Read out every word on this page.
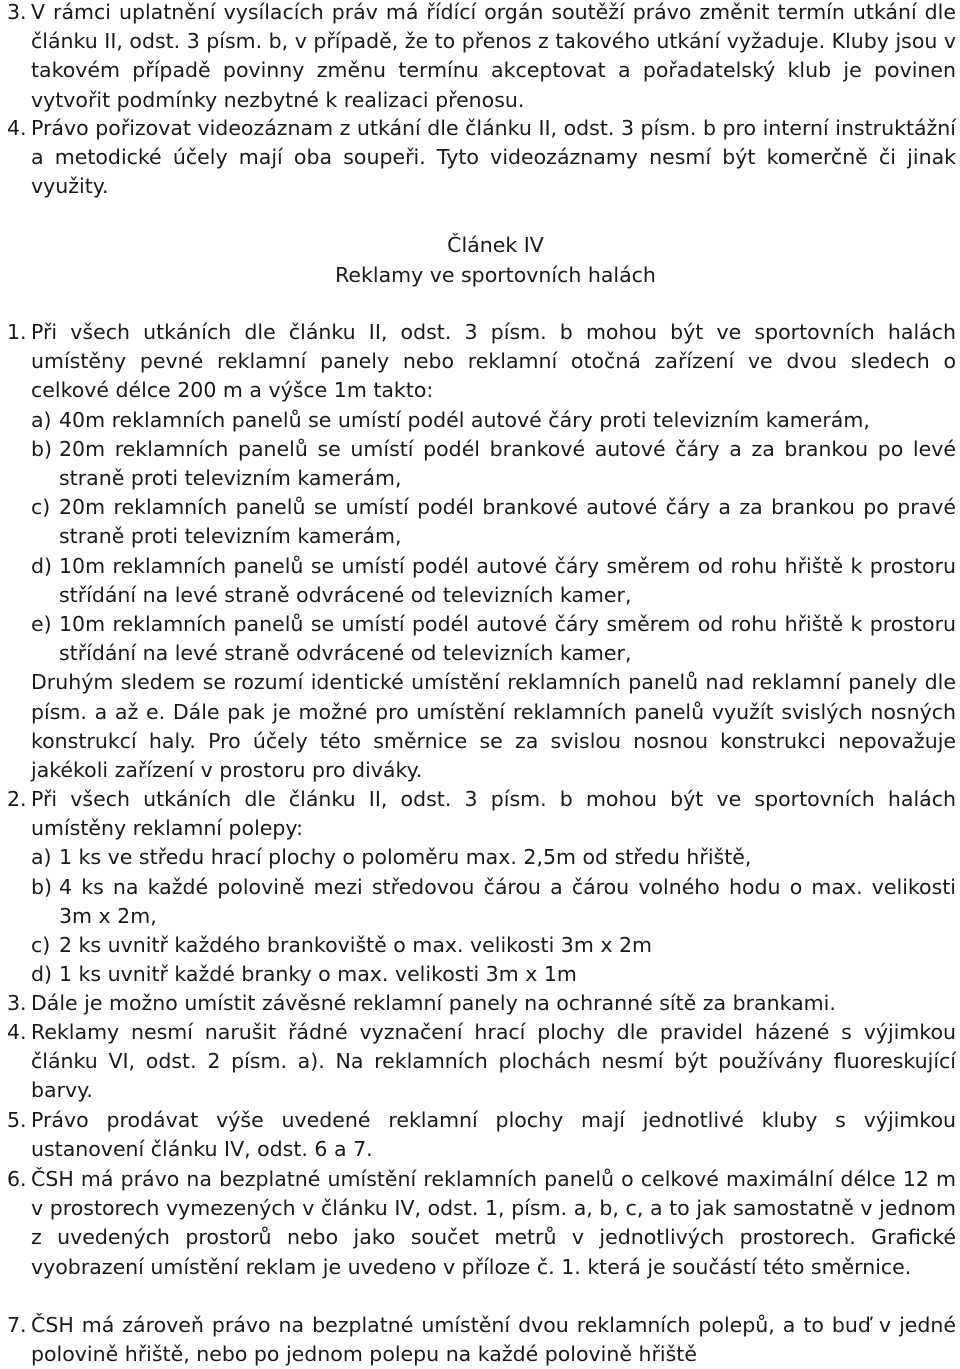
3. V rámci uplatnění vysílacích práv má řídící orgán soutěží právo změnit termín utkání dle článku II, odst. 3 písm. b, v případě, že to přenos z takového utkání vyžaduje. Kluby jsou v takovém případě povinny změnu termínu akceptovat a pořadatelský klub je povinen vytvořit podmínky nezbytné k realizaci přenosu.

4. Právo pořizovat videozáznam z utkání dle článku II, odst. 3 písm. b pro interní instruktážní a metodické účely mají oba soupeři. Tyto videozáznamy nesmí být komerčně či jinak využity.

Článek IV
Reklamy ve sportovních halách
1. Při všech utkáních dle článku II, odst. 3 písm. b mohou být ve sportovních halách umístěny pevné reklamní panely nebo reklamní otočná zařízení ve dvou sledech o celkové délce 200 m a výšce 1m takto:

a) 40m reklamních panelů se umístí podél autové čáry proti televizním kamerám,

b) 20m reklamních panelů se umístí podél brankové autové čáry a za brankou po levé straně proti televizním kamerám,

c) 20m reklamních panelů se umístí podél brankové autové čáry a za brankou po pravé straně proti televizním kamerám,

d) 10m reklamních panelů se umístí podél autové čáry směrem od rohu hřiště k prostoru střídání na levé straně odvrácené od televizních kamer,

e) 10m reklamních panelů se umístí podél autové čáry směrem od rohu hřiště k prostoru střídání na levé straně odvrácené od televizních kamer,

Druhým sledem se rozumí identické umístění reklamních panelů nad reklamní panely dle písm. a až e. Dále pak je možné pro umístění reklamních panelů využít svislých nosných konstrukcí haly. Pro účely této směrnice se za svislou nosnou konstrukci nepovažuje jakékoli zařízení v prostoru pro diváky.
2. Při všech utkáních dle článku II, odst. 3 písm. b mohou být ve sportovních halách umístěny reklamní polepy:

a) 1 ks ve středu hrací plochy o poloměru max. 2,5m od středu hřiště,

b) 4 ks na každé polovině mezi středovou čárou a čárou volného hodu o max. velikosti 3m x 2m,

c) 2 ks uvnitř každého brankoviště o max. velikosti 3m x 2m

d) 1 ks uvnitř každé branky o max. velikosti 3m x 1m

3. Dále je možno umístit závěsné reklamní panely na ochranné sítě za brankami.

4. Reklamy nesmí narušit řádné vyznačení hrací plochy dle pravidel házené s výjimkou článku VI, odst. 2 písm. a). Na reklamních plochách nesmí být používány fluoreskující barvy.

5. Právo prodávat výše uvedené reklamní plochy mají jednotlivé kluby s výjimkou ustanovení článku IV, odst. 6 a 7.

6. ČSH má právo na bezplatné umístění reklamních panelů o celkové maximální délce 12 m v prostorech vymezených v článku IV, odst. 1, písm. a, b, c, a to jak samostatně v jednom z uvedených prostorů nebo jako součet metrů v jednotlivých prostorech. Grafické vyobrazení umístění reklam je uvedeno v příloze č. 1. která je součástí této směrnice.

7. ČSH má zároveň právo na bezplatné umístění dvou reklamních polepů, a to buď v jedné polovině hřiště, nebo po jednom polepu na každé polovině hřiště
